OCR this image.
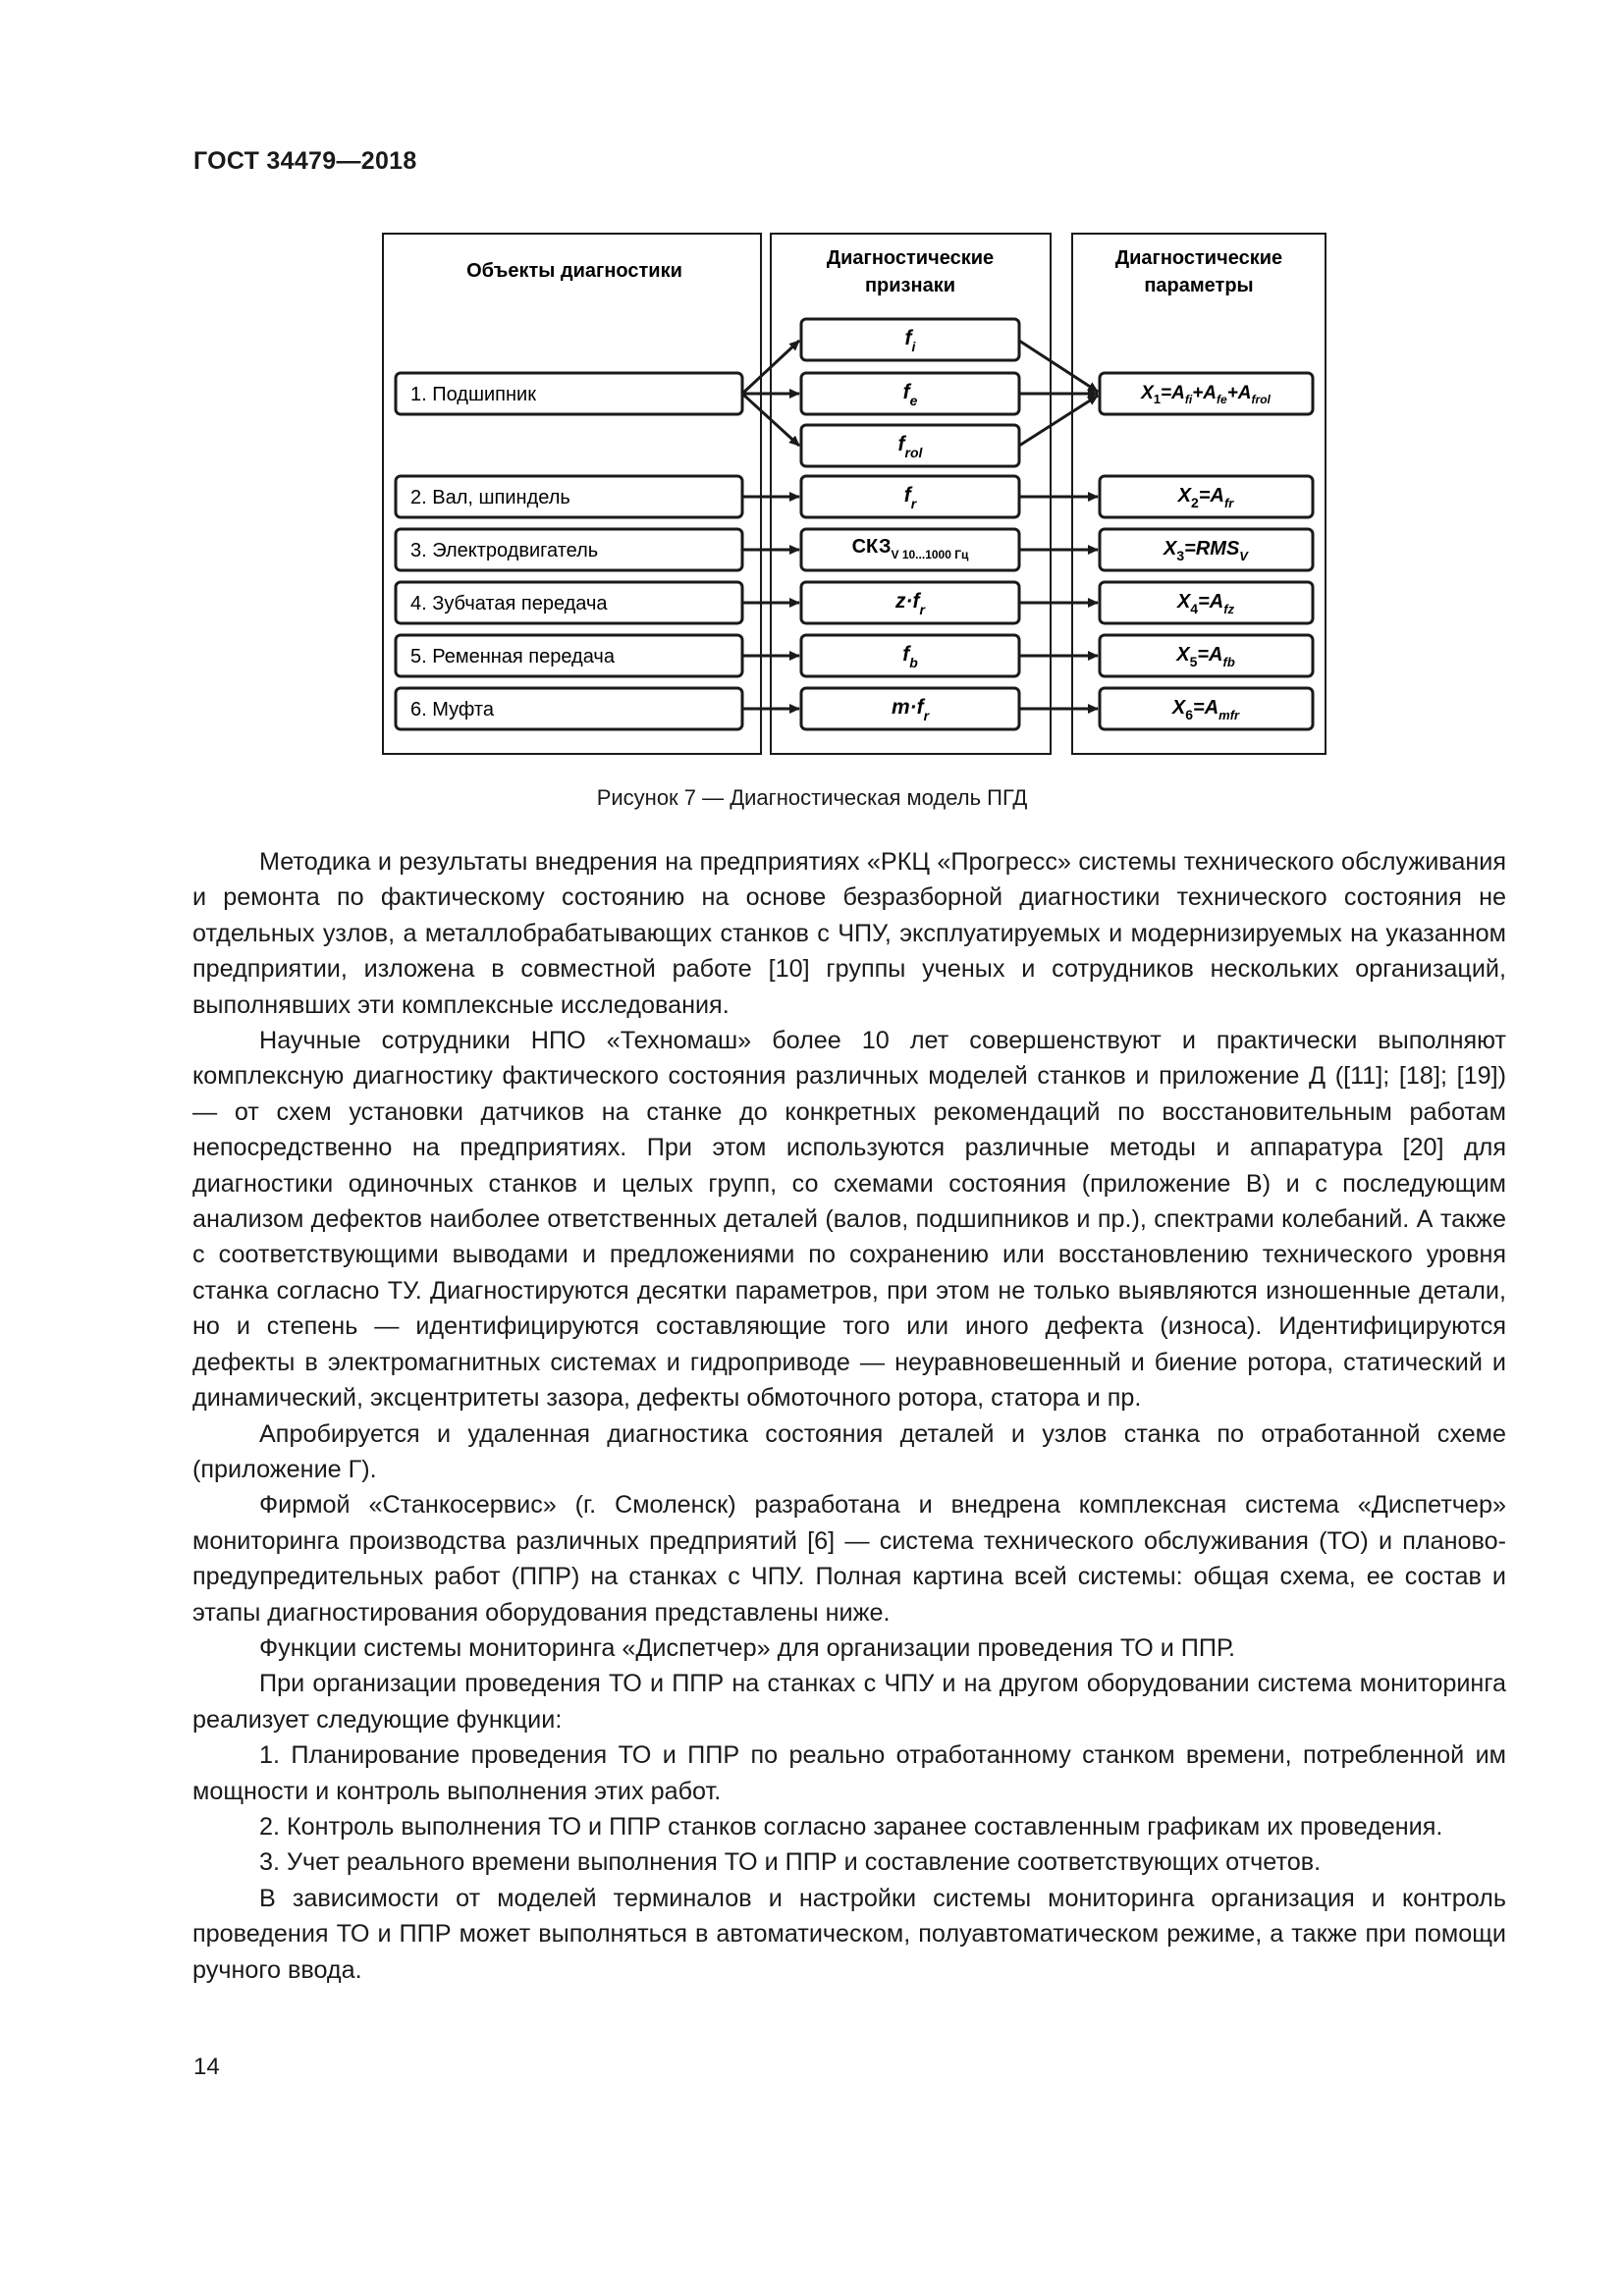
ГОСТ 34479—2018
Объекты диагностики
Диагностические
признаки
Диагностические
параметры
1. Подшипник
2. Вал, шпиндель
3. Электродвигатель
4. Зубчатая передача
5. Ременная передача
6. Муфта
$f_i$
$f_e$
$f_{rol}$
$f_r$
$СКЗ_{V 10...1000 Гц}$
$z\cdot f_r$
$f_b$
$m\cdot f_r$
$X_1=A_{fi}+A_{fe}+A_{frol}$
$X_2=A_{fr}$
$X_3=RMS_V$
$X_4=A_{fz}$
$X_5=A_{fb}$
$X_6=A_{mfr}$
Рисунок 7 — Диагностическая модель ПГД

Методика и результаты внедрения на предприятиях «РКЦ «Прогресс» системы технического обслуживания и ремонта по фактическому состоянию на основе безразборной диагностики технического состояния не отдельных узлов, а металлобрабатывающих станков с ЧПУ, эксплуатируемых и модернизируемых на указанном предприятии, изложена в совместной работе [10] группы ученых и сотрудников нескольких организаций, выполнявших эти комплексные исследования.

Научные сотрудники НПО «Техномаш» более 10 лет совершенствуют и практически выполняют комплексную диагностику фактического состояния различных моделей станков и приложение Д ([11]; [18]; [19]) — от схем установки датчиков на станке до конкретных рекомендаций по восстановительным работам непосредственно на предприятиях. При этом используются различные методы и аппаратура [20] для диагностики одиночных станков и целых групп, со схемами состояния (приложение В) и с последующим анализом дефектов наиболее ответственных деталей (валов, подшипников и пр.), спектрами колебаний. А также с соответствующими выводами и предложениями по сохранению или восстановлению технического уровня станка согласно ТУ. Диагностируются десятки параметров, при этом не только выявляются изношенные детали, но и степень — идентифицируются составляющие того или иного дефекта (износа). Идентифицируются дефекты в электромагнитных системах и гидроприводе — неуравновешенный и биение ротора, статический и динамический, эксцентритеты зазора, дефекты обмоточного ротора, статора и пр.

Апробируется и удаленная диагностика состояния деталей и узлов станка по отработанной схеме (приложение Г).

Фирмой «Станкосервис» (г. Смоленск) разработана и внедрена комплексная система «Диспетчер» мониторинга производства различных предприятий [6] — система технического обслуживания (ТО) и планово-предупредительных работ (ППР) на станках с ЧПУ. Полная картина всей системы: общая схема, ее состав и этапы диагностирования оборудования представлены ниже.

Функции системы мониторинга «Диспетчер» для организации проведения ТО и ППР.

При организации проведения ТО и ППР на станках с ЧПУ и на другом оборудовании система мониторинга реализует следующие функции:

1. Планирование проведения ТО и ППР по реально отработанному станком времени, потребленной им мощности и контроль выполнения этих работ.

2. Контроль выполнения ТО и ППР станков согласно заранее составленным графикам их проведения.

3. Учет реального времени выполнения ТО и ППР и составление соответствующих отчетов.

В зависимости от моделей терминалов и настройки системы мониторинга организация и контроль проведения ТО и ППР может выполняться в автоматическом, полуавтоматическом режиме, а также при помощи ручного ввода.

14
